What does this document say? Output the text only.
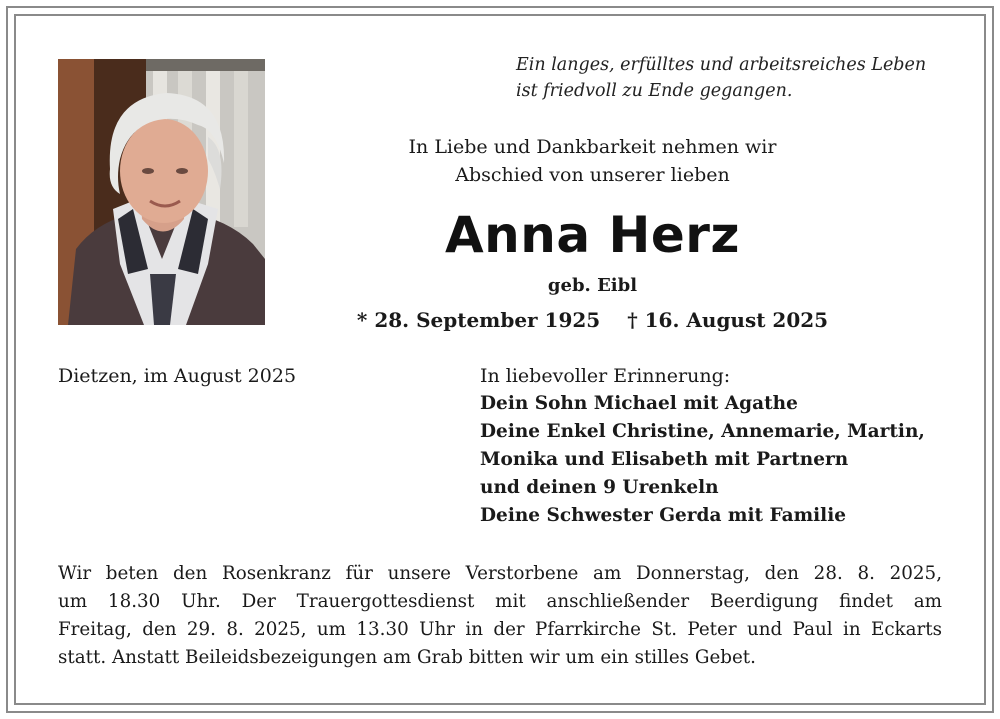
Ein langes, erfülltes und arbeitsreiches Leben
ist friedvoll zu Ende gegangen.
In Liebe und Dankbarkeit nehmen wir
Abschied von unserer lieben
Anna Herz
geb. Eibl
* 28. September 1925 † 16. August 2025
Dietzen, im August 2025	In liebevoller Erinnerung:
Dein Sohn Michael mit Agathe
Deine Enkel Christine, Annemarie, Martin,
Monika und Elisabeth mit Partnern
und deinen 9 Urenkeln
Deine Schwester Gerda mit Familie
Wir beten den Rosenkranz für unsere Verstorbene am Donnerstag, den 28. 8. 2025,
um 18.30 Uhr. Der Trauergottesdienst mit anschließender Beerdigung findet am
Freitag, den 29. 8. 2025, um 13.30 Uhr in der Pfarrkirche St. Peter und Paul in Eckarts
statt. Anstatt Beileidsbezeigungen am Grab bitten wir um ein stilles Gebet.
